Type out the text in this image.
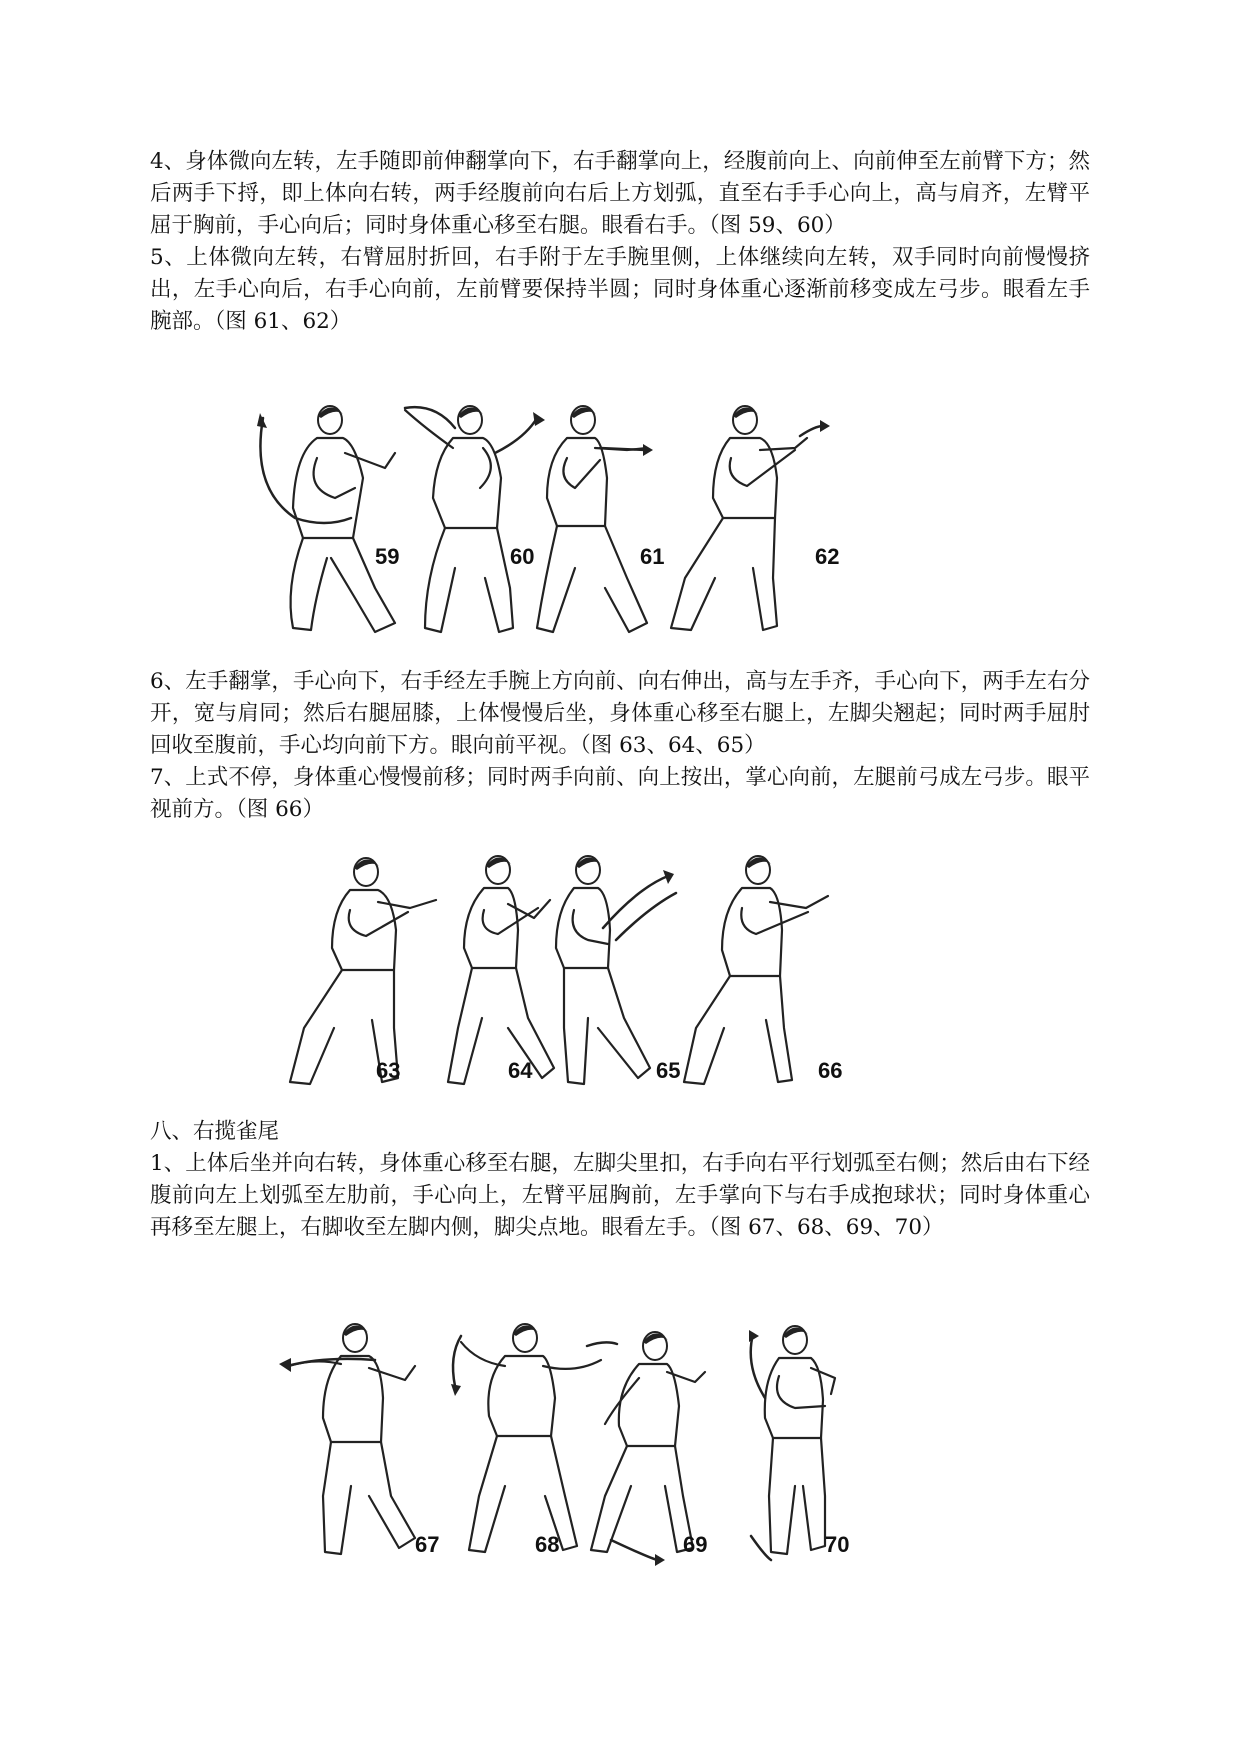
4、身体微向左转，左手随即前伸翻掌向下，右手翻掌向上，经腹前向上、向前伸至左前臂下方；然后两手下捋，即上体向右转，两手经腹前向右后上方划弧，直至右手手心向上，高与肩齐，左臂平屈于胸前，手心向后；同时身体重心移至右腿。眼看右手。（图 59、60）

5、上体微向左转，右臂屈肘折回，右手附于左手腕里侧，上体继续向左转，双手同时向前慢慢挤出，左手心向后，右手心向前，左前臂要保持半圆；同时身体重心逐渐前移变成左弓步。眼看左手腕部。（图 61、62）

59	60	61	62

6、左手翻掌，手心向下，右手经左手腕上方向前、向右伸出，高与左手齐，手心向下，两手左右分开，宽与肩同；然后右腿屈膝，上体慢慢后坐，身体重心移至右腿上，左脚尖翘起；同时两手屈肘回收至腹前，手心均向前下方。眼向前平视。（图 63、64、65）

7、上式不停，身体重心慢慢前移；同时两手向前、向上按出，掌心向前，左腿前弓成左弓步。眼平视前方。（图 66）

63	64	65	66

八、右揽雀尾

1、上体后坐并向右转，身体重心移至右腿，左脚尖里扣，右手向右平行划弧至右侧；然后由右下经腹前向左上划弧至左肋前，手心向上，左臂平屈胸前，左手掌向下与右手成抱球状；同时身体重心再移至左腿上，右脚收至左脚内侧，脚尖点地。眼看左手。（图 67、68、69、70）

67	68	69	70
